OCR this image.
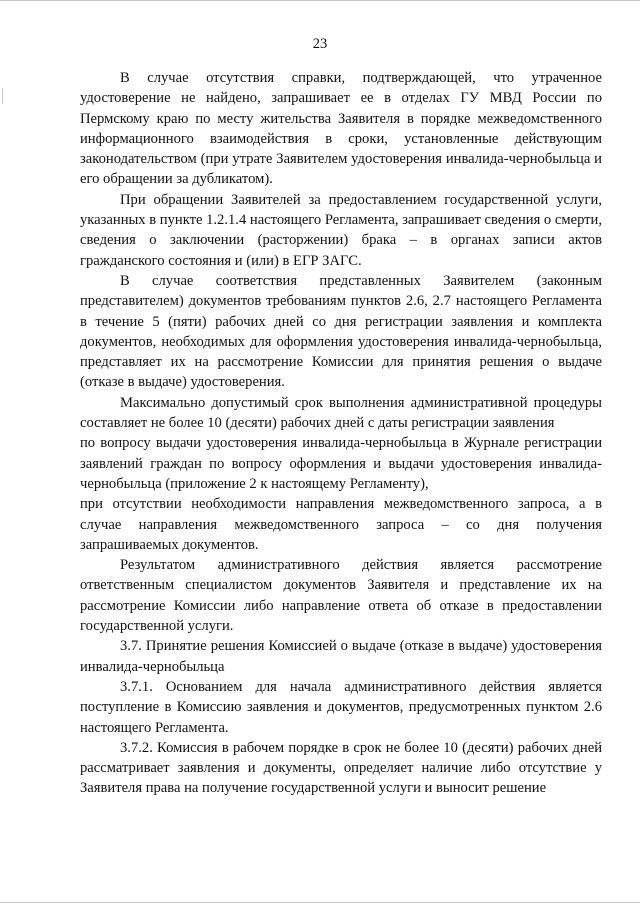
23

В случае отсутствия справки, подтверждающей, что утраченное удостоверение не найдено, запрашивает ее в отделах ГУ МВД России по Пермскому краю по месту жительства Заявителя в порядке межведомственного информационного взаимодействия в сроки, установленные действующим законодательством (при утрате Заявителем удостоверения инвалида-чернобыльца и его обращении за дубликатом).

При обращении Заявителей за предоставлением государственной услуги, указанных в пункте 1.2.1.4 настоящего Регламента, запрашивает сведения о смерти, сведения о заключении (расторжении) брака – в органах записи актов гражданского состояния и (или) в ЕГР ЗАГС.

В случае соответствия представленных Заявителем (законным представителем) документов требованиям пунктов 2.6, 2.7 настоящего Регламента в течение 5 (пяти) рабочих дней со дня регистрации заявления и комплекта документов, необходимых для оформления удостоверения инвалида-чернобыльца, представляет их на рассмотрение Комиссии для принятия решения о выдаче (отказе в выдаче) удостоверения.

Максимально допустимый срок выполнения административной процедуры составляет не более 10 (десяти) рабочих дней с даты регистрации заявления

по вопросу выдачи удостоверения инвалида-чернобыльца в Журнале регистрации заявлений граждан по вопросу оформления и выдачи удостоверения инвалида-чернобыльца (приложение 2 к настоящему Регламенту),

при отсутствии необходимости направления межведомственного запроса, а в случае направления межведомственного запроса – со дня получения запрашиваемых документов.

Результатом административного действия является рассмотрение ответственным специалистом документов Заявителя и представление их на рассмотрение Комиссии либо направление ответа об отказе в предоставлении государственной услуги.

3.7. Принятие решения Комиссией о выдаче (отказе в выдаче) удостоверения инвалида-чернобыльца

3.7.1. Основанием для начала административного действия является поступление в Комиссию заявления и документов, предусмотренных пунктом 2.6 настоящего Регламента.

3.7.2. Комиссия в рабочем порядке в срок не более 10 (десяти) рабочих дней рассматривает заявления и документы, определяет наличие либо отсутствие у Заявителя права на получение государственной услуги и выносит решение
